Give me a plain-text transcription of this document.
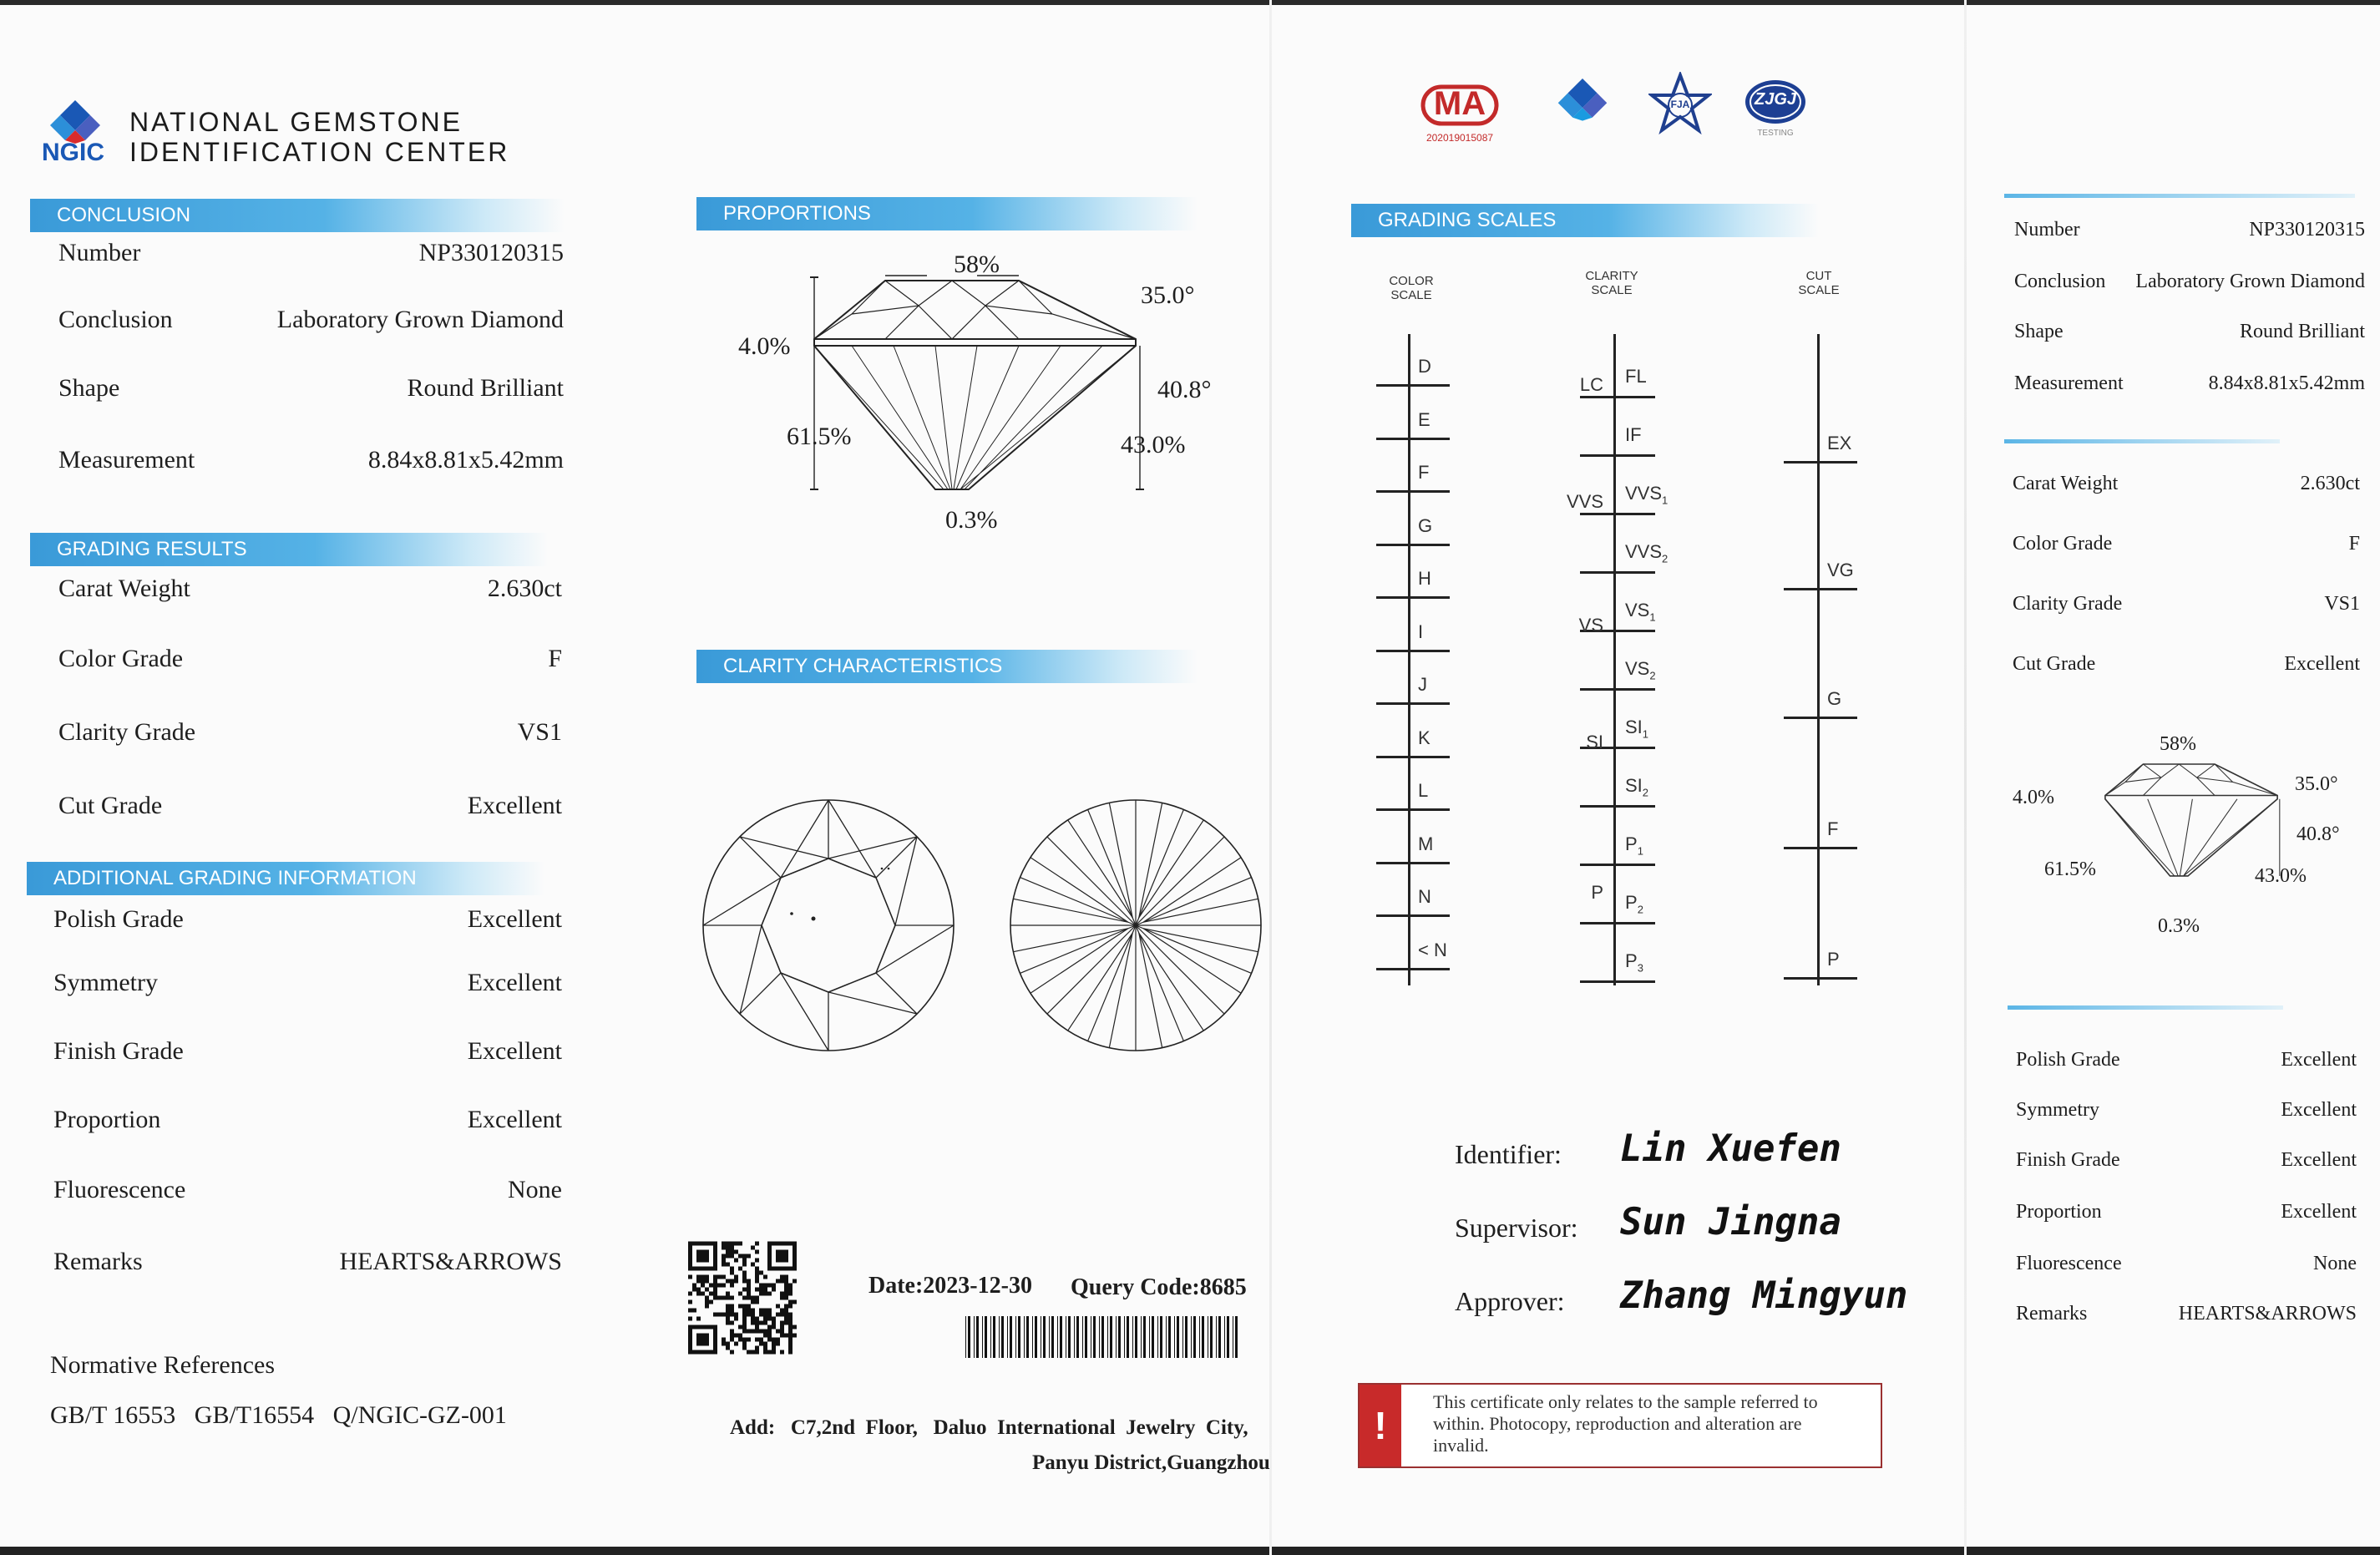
NGIC
NATIONAL GEMSTONE
IDENTIFICATION CENTER
CONCLUSION
Number	NP330120315
Conclusion	Laboratory Grown Diamond
Shape	Round Brilliant
Measurement	8.84x8.81x5.42mm
GRADING RESULTS
Carat Weight	2.630ct
Color Grade	F
Clarity Grade	VS1
Cut Grade	Excellent
ADDITIONAL GRADING INFORMATION
Polish Grade	Excellent
Symmetry	Excellent
Finish Grade	Excellent
Proportion	Excellent
Fluorescence	None
Remarks	HEARTS&ARROWS
Normative References
GB/T 16553   GB/T16554   Q/NGIC-GZ-001
PROPORTIONS
58%
35.0°
4.0%
40.8°
61.5%	43.0%
0.3%
CLARITY CHARACTERISTICS
Date:2023-12-30 Query Code:8685
Add:   C7,2nd  Floor,   Daluo  International  Jewelry  City,
Panyu District,Guangzhou
MA
202019015087
FJA	ZJGJ
TESTING
GRADING SCALES
COLOR
SCALE
CLARITY
SCALE
CUT
SCALE
D
E
F
G
H
I
J
K
L
M
N
< N
FL
IF
$VVS_1$
$VVS_2$
$VS_1$
$VS_2$
$SI_1$
$SI_2$
$P_1$
$P_2$
$P_3$
LC
VVS
VS
SI
P
EX
VG
G
F
P
Identifier: Lin Xuefen
Supervisor: Sun Jingna
Approver: Zhang Mingyun
!
This certificate only relates to the sample referred to within. Photocopy, reproduction and alteration are invalid.
Number	NP330120315
Conclusion	Laboratory Grown Diamond
Shape	Round Brilliant
Measurement	8.84x8.81x5.42mm
Carat Weight	2.630ct
Color Grade	F
Clarity Grade	VS1
Cut Grade	Excellent
58%
35.0°
4.0%
40.8°
61.5%	43.0%
0.3%
Polish Grade	Excellent
Symmetry	Excellent
Finish Grade	Excellent
Proportion	Excellent
Fluorescence	None
Remarks	HEARTS&ARROWS
